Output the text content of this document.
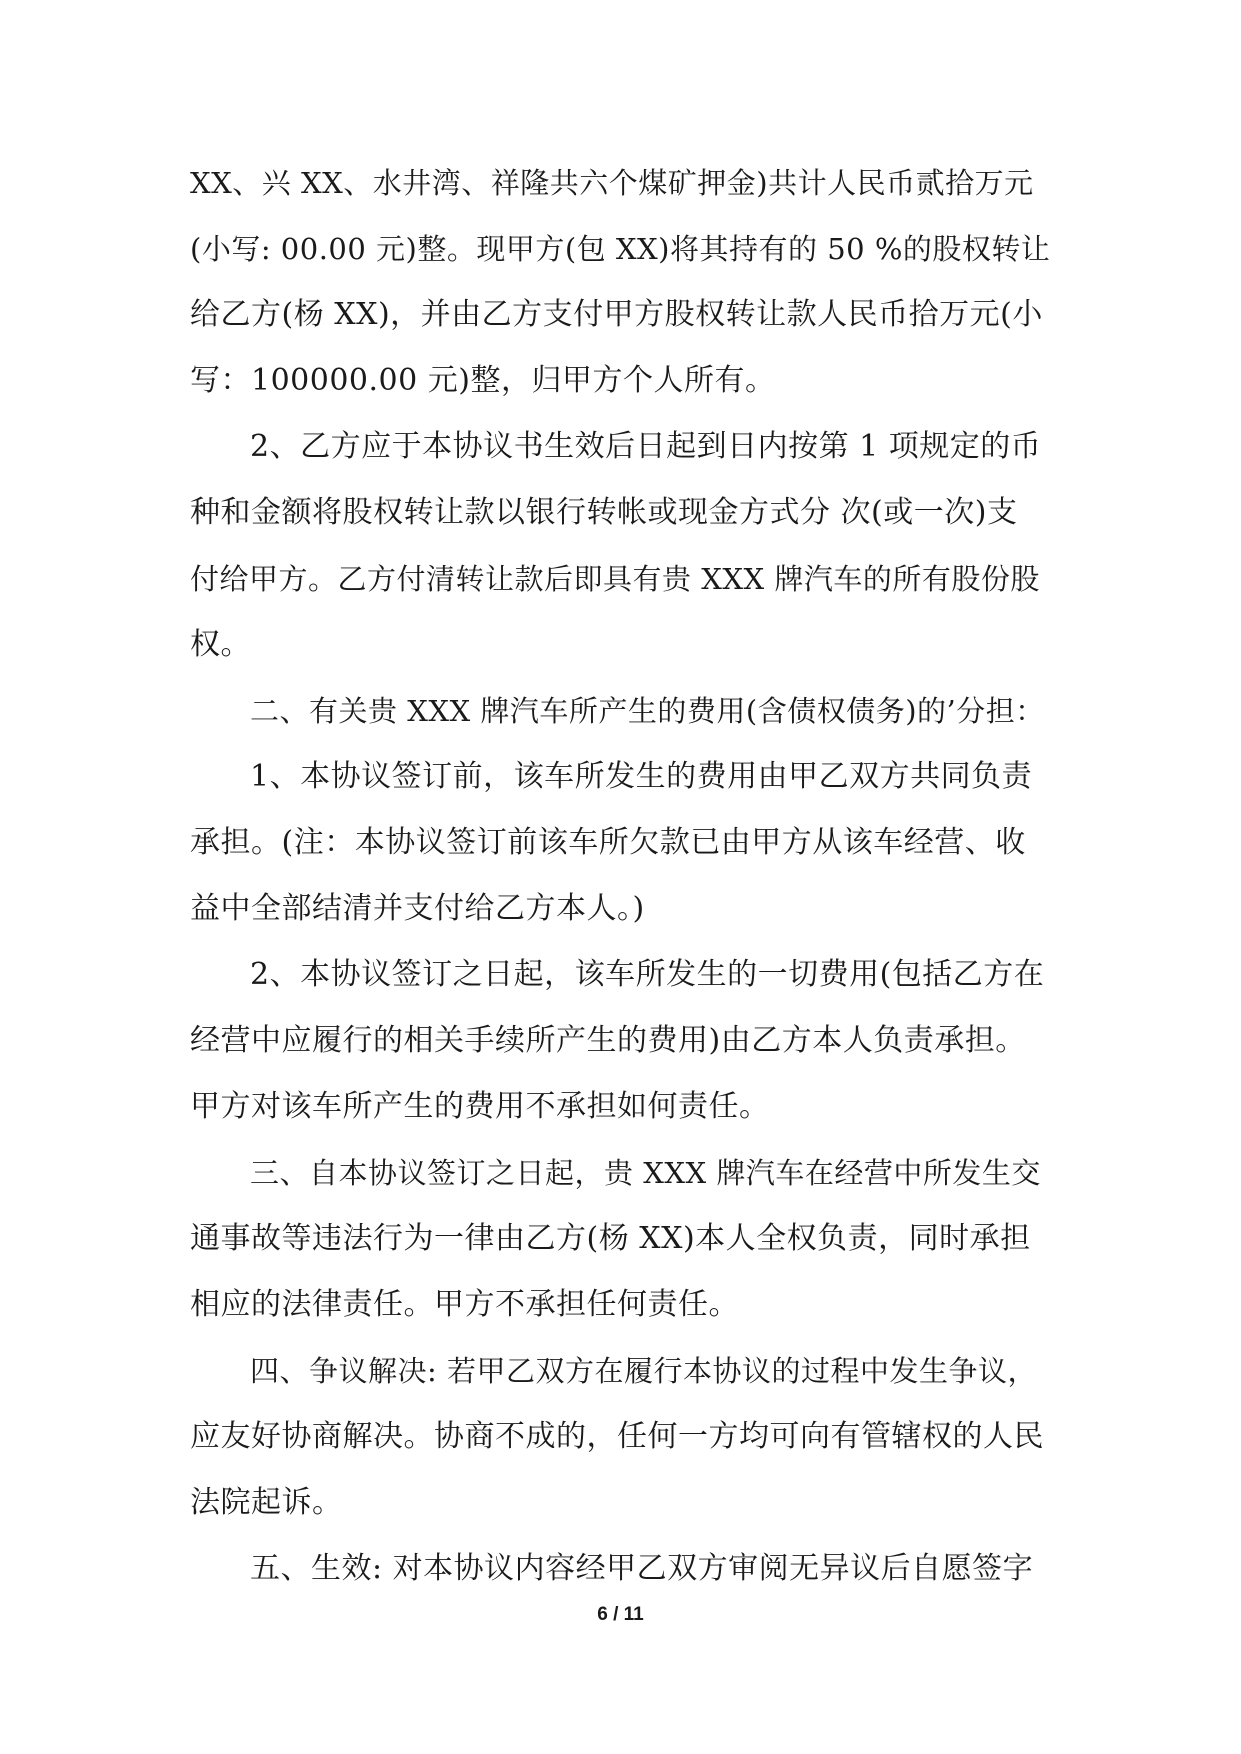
XX、兴 XX、水井湾、祥隆共六个煤矿押金)共计人民币贰拾万元
(小写: 00.00 元)整。现甲方(包 XX)将其持有的 50 %的股权转让
给乙方(杨 XX)，并由乙方支付甲方股权转让款人民币拾万元(小
写：100000.00 元)整，归甲方个人所有。
2、乙方应于本协议书生效后日起到日内按第 1 项规定的币
种和金额将股权转让款以银行转帐或现金方式分 次(或一次)支
付给甲方。乙方付清转让款后即具有贵 XXX 牌汽车的所有股份股
权。
二、有关贵 XXX 牌汽车所产生的费用(含债权债务)的’分担：
1、本协议签订前，该车所发生的费用由甲乙双方共同负责
承担。(注：本协议签订前该车所欠款已由甲方从该车经营、收
益中全部结清并支付给乙方本人。)
2、本协议签订之日起，该车所发生的一切费用(包括乙方在
经营中应履行的相关手续所产生的费用)由乙方本人负责承担。
甲方对该车所产生的费用不承担如何责任。
三、自本协议签订之日起，贵 XXX 牌汽车在经营中所发生交
通事故等违法行为一律由乙方(杨 XX)本人全权负责，同时承担
相应的法律责任。甲方不承担任何责任。
四、争议解决: 若甲乙双方在履行本协议的过程中发生争议，
应友好协商解决。协商不成的，任何一方均可向有管辖权的人民
法院起诉。
五、生效: 对本协议内容经甲乙双方审阅无异议后自愿签字
6 / 11
